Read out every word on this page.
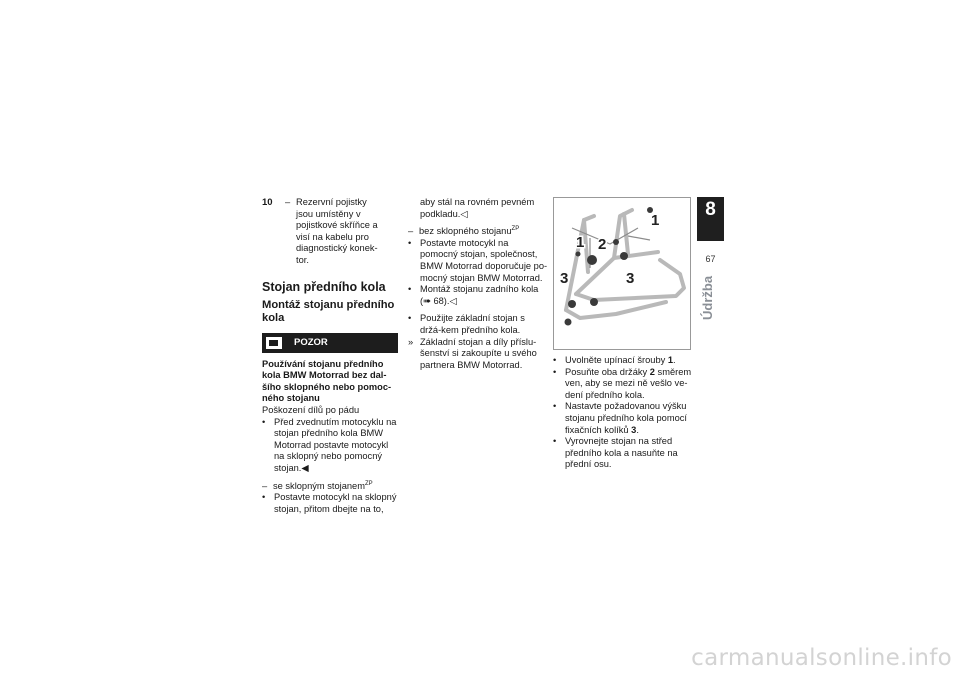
10 – Rezervní pojistky jsou umístěny v pojistkové skříňce a visí na kabelu pro diagnostický konek-tor.
Stojan předního kola
Montáž stojanu předního kola
POZOR
Používání stojanu předního kola BMW Motorrad bez dal-šího sklopného nebo pomoc-ného stojanu
Poškození dílů po pádu
• Před zvednutím motocyklu na stojan předního kola BMW Motorrad postavte motocykl na sklopný nebo pomocný stojan.◀
– se sklopným stojanem$^{ZP}$
• Postavte motocykl na sklopný stojan, přitom dbejte na to,
aby stál na rovném pevném podkladu.◁
– bez sklopného stojanu$^{ZP}$
• Postavte motocykl na pomocný stojan, společnost, BMW Motorrad doporučuje po-mocný stojan BMW Motorrad.
• Montáž stojanu zadního kola
(➠ 68).◁
• Použijte základní stojan s držá-kem předního kola.
» Základní stojan a díly příslu-šenství si zakoupíte u svého partnera BMW Motorrad.
1
2
1
3	3
• Uvolněte upínací šrouby 1.
• Posuňte oba držáky 2 směrem ven, aby se mezi ně vešlo ve-dení předního kola.
• Nastavte požadovanou výšku stojanu předního kola pomocí fixačních kolíků 3.
• Vyrovnejte stojan na střed předního kola a nasuňte na přední osu.
8
67
Údržba
carmanualsonline.info
